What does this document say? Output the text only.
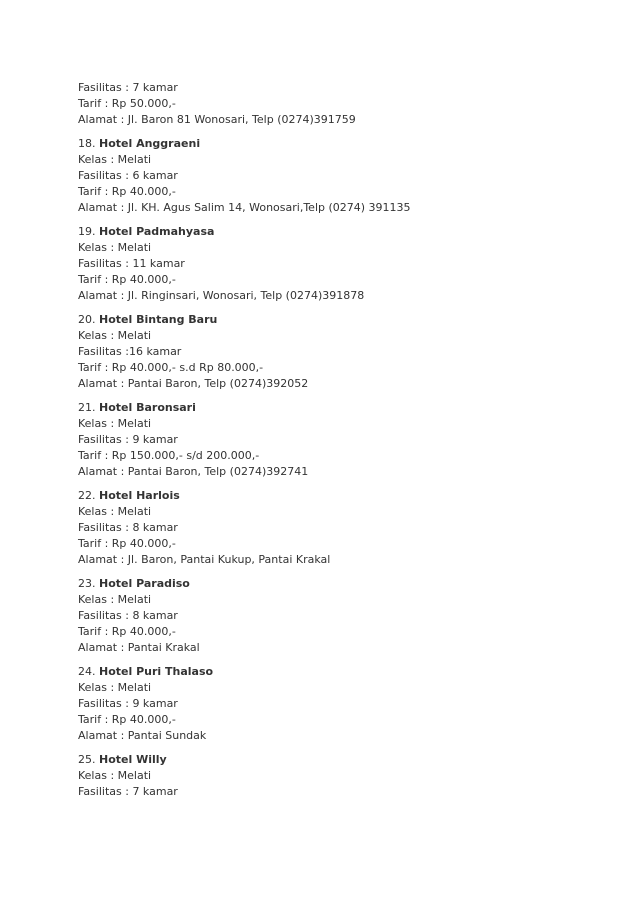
Fasilitas : 7 kamar
Tarif : Rp 50.000,-
Alamat : Jl. Baron 81 Wonosari, Telp (0274)391759
18. Hotel Anggraeni
Kelas : Melati
Fasilitas : 6 kamar
Tarif : Rp 40.000,-
Alamat : Jl. KH. Agus Salim 14, Wonosari,Telp (0274) 391135
19. Hotel Padmahyasa
Kelas : Melati
Fasilitas : 11 kamar
Tarif : Rp 40.000,-
Alamat : Jl. Ringinsari, Wonosari, Telp (0274)391878
20. Hotel Bintang Baru
Kelas : Melati
Fasilitas :16 kamar
Tarif : Rp 40.000,- s.d Rp 80.000,-
Alamat : Pantai Baron, Telp (0274)392052
21. Hotel Baronsari
Kelas : Melati
Fasilitas : 9 kamar
Tarif : Rp 150.000,- s/d 200.000,-
Alamat : Pantai Baron, Telp (0274)392741
22. Hotel Harlois
Kelas : Melati
Fasilitas : 8 kamar
Tarif : Rp 40.000,-
Alamat : Jl. Baron, Pantai Kukup, Pantai Krakal
23. Hotel Paradiso
Kelas : Melati
Fasilitas : 8 kamar
Tarif : Rp 40.000,-
Alamat : Pantai Krakal
24. Hotel Puri Thalaso
Kelas : Melati
Fasilitas : 9 kamar
Tarif : Rp 40.000,-
Alamat : Pantai Sundak
25. Hotel Willy
Kelas : Melati
Fasilitas : 7 kamar
